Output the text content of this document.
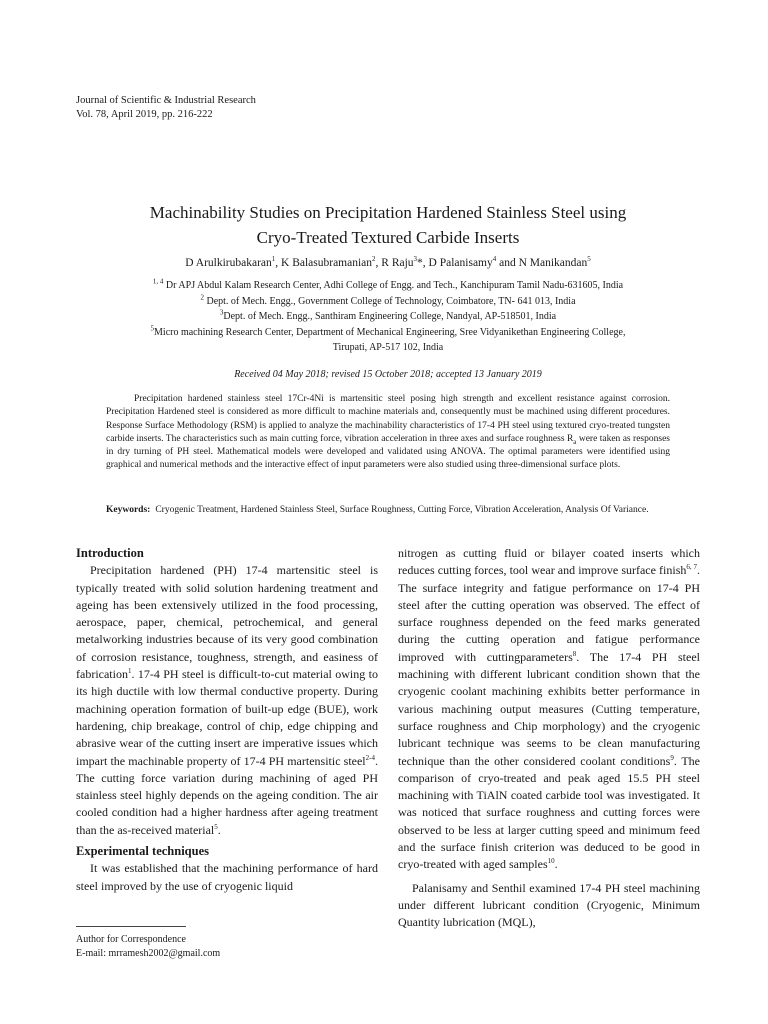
Journal of Scientific & Industrial Research
Vol. 78, April 2019, pp. 216-222
Machinability Studies on Precipitation Hardened Stainless Steel using
Cryo-Treated Textured Carbide Inserts
D Arulkirubakaran$^1$, K Balasubramanian$^2$, R Raju$^3$*, D Palanisamy$^4$ and N Manikandan$^5$
$^{1, 4}$ Dr APJ Abdul Kalam Research Center, Adhi College of Engg. and Tech., Kanchipuram Tamil Nadu-631605, India
$^2$ Dept. of Mech. Engg., Government College of Technology, Coimbatore, TN- 641 013, India
$^3$Dept. of Mech. Engg., Santhiram Engineering College, Nandyal, AP-518501, India
$^5$Micro machining Research Center, Department of Mechanical Engineering, Sree Vidyanikethan Engineering College,
Tirupati, AP-517 102, India
Received 04 May 2018; revised 15 October 2018; accepted 13 January 2019

Precipitation hardened stainless steel 17Cr-4Ni is martensitic steel posing high strength and excellent resistance against corrosion. Precipitation Hardened steel is considered as more difficult to machine materials and, consequently must be machined using different procedures. Response Surface Methodology (RSM) is applied to analyze the machinability characteristics of 17-4 PH steel using textured cryo-treated tungsten carbide inserts. The characteristics such as main cutting force, vibration acceleration in three axes and surface roughness $R_a$ were taken as responses in dry turning of PH steel. Mathematical models were developed and validated using ANOVA. The optimal parameters were identified using graphical and numerical methods and the interactive effect of input parameters were also studied using three-dimensional surface plots.

Keywords: Cryogenic Treatment, Hardened Stainless Steel, Surface Roughness, Cutting Force, Vibration Acceleration, Analysis Of Variance.
Introduction

Precipitation hardened (PH) 17-4 martensitic steel is typically treated with solid solution hardening treatment and ageing has been extensively utilized in the food processing, aerospace, paper, chemical, petrochemical, and general metalworking industries because of its very good combination of corrosion resistance, toughness, strength, and easiness of fabrication$^1$. 17-4 PH steel is difficult-to-cut material owing to its high ductile with low thermal conductive property. During machining operation formation of built-up edge (BUE), work hardening, chip breakage, control of chip, edge chipping and abrasive wear of the cutting insert are imperative issues which impart the machinable property of 17-4 PH martensitic steel$^{2-4}$. The cutting force variation during machining of aged PH stainless steel highly depends on the ageing condition. The air cooled condition had a higher hardness after ageing treatment than the as-received material$^5$.

Experimental techniques

It was established that the machining performance of hard steel improved by the use of cryogenic liquid

nitrogen as cutting fluid or bilayer coated inserts which reduces cutting forces, tool wear and improve surface finish$^{6, 7}$. The surface integrity and fatigue performance on 17-4 PH steel after the cutting operation was observed. The effect of surface roughness depended on the feed marks generated during the cutting operation and fatigue performance improved with cuttingparameters$^8$. The 17-4 PH steel machining with different lubricant condition shown that the cryogenic coolant machining exhibits better performance in various machining output measures (Cutting temperature, surface roughness and Chip morphology) and the cryogenic lubricant technique was seems to be clean manufacturing technique than the other considered coolant conditions$^9$. The comparison of cryo-treated and peak aged 15.5 PH steel machining with TiAlN coated carbide tool was investigated. It was noticed that surface roughness and cutting forces were observed to be less at larger cutting speed and minimum feed and the surface finish criterion was deduced to be good in cryo-treated with aged samples$^{10}$.

Palanisamy and Senthil examined 17-4 PH steel machining under different lubricant condition (Cryogenic, Minimum Quantity lubrication (MQL),

Author for Correspondence
E-mail: mrramesh2002@gmail.com
